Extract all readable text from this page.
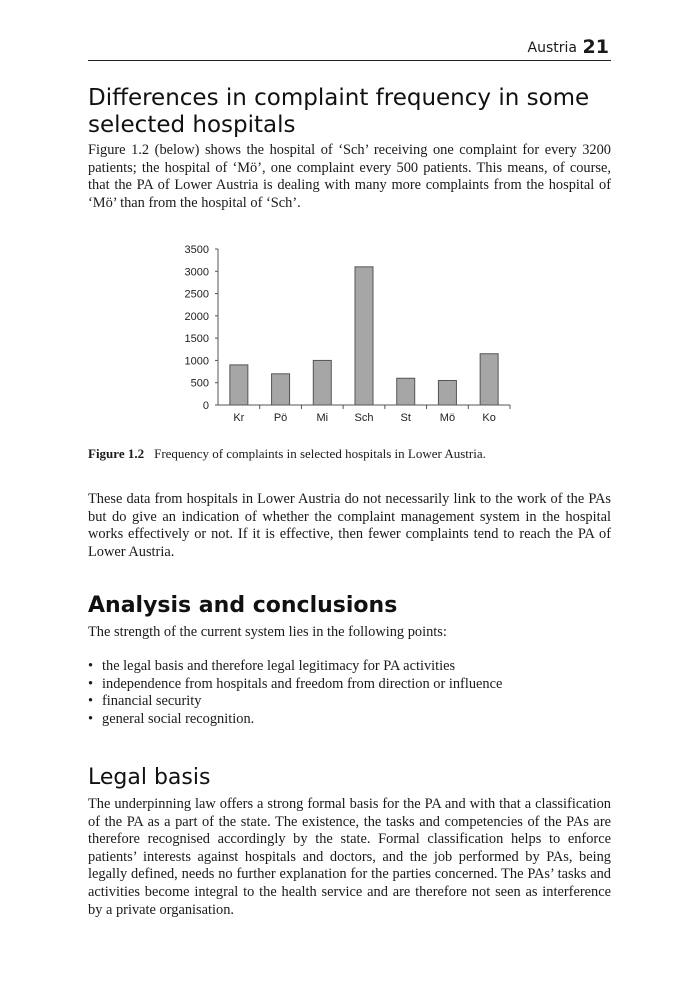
Austria 21
Differences in complaint frequency in some selected hospitals

Figure 1.2 (below) shows the hospital of ‘Sch’ receiving one complaint for every 3200 patients; the hospital of ‘Mö’, one complaint every 500 patients. This means, of course, that the PA of Lower Austria is dealing with many more complaints from the hospital of ‘Mö’ than from the hospital of ‘Sch’.

0
500
1000
1500
2000
2500
3000
3500
Kr	Pö	Mi Sch St	Mö Ko

Figure 1.2 Frequency of complaints in selected hospitals in Lower Austria.

These data from hospitals in Lower Austria do not necessarily link to the work of the PAs but do give an indication of whether the complaint management system in the hospital works effectively or not. If it is effective, then fewer complaints tend to reach the PA of Lower Austria.

Analysis and conclusions

The strength of the current system lies in the following points:

• the legal basis and therefore legal legitimacy for PA activities
• independence from hospitals and freedom from direction or influence
• financial security
• general social recognition.
Legal basis

The underpinning law offers a strong formal basis for the PA and with that a classification of the PA as a part of the state. The existence, the tasks and competencies of the PAs are therefore recognised accordingly by the state. Formal classification helps to enforce patients’ interests against hospitals and doctors, and the job performed by PAs, being legally defined, needs no further explanation for the parties concerned. The PAs’ tasks and activities become integral to the health service and are therefore not seen as interference by a private organisation.
